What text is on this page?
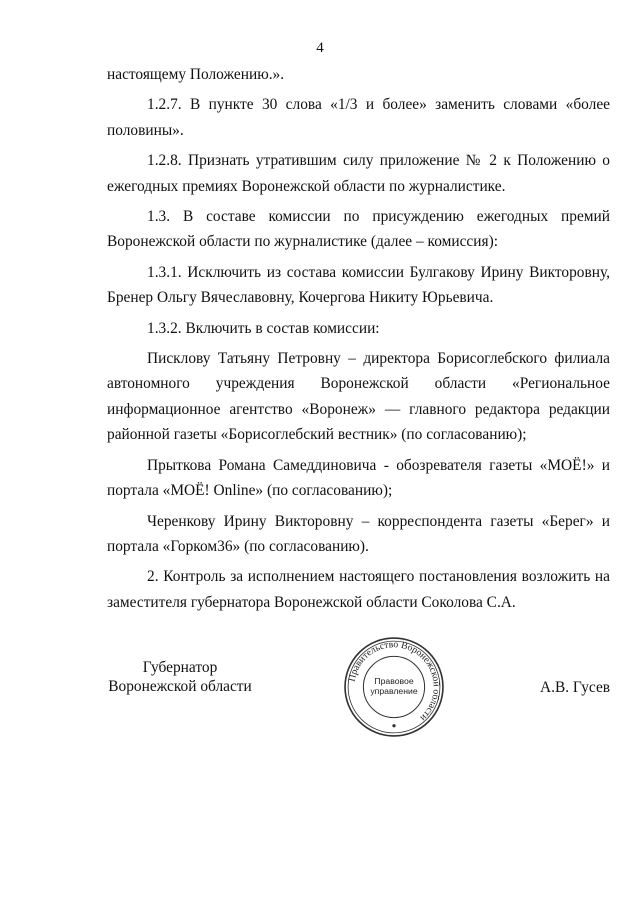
4

настоящему Положению.».

1.2.7. В пункте 30 слова «1/3 и более» заменить словами «более половины».

1.2.8. Признать утратившим силу приложение № 2 к Положению о ежегодных премиях Воронежской области по журналистике.

1.3. В составе комиссии по присуждению ежегодных премий Воронежской области по журналистике (далее – комиссия):

1.3.1. Исключить из состава комиссии Булгакову Ирину Викторовну, Бренер Ольгу Вячеславовну, Кочергова Никиту Юрьевича.

1.3.2. Включить в состав комиссии:

Писклову Татьяну Петровну – директора Борисоглебского филиала автономного учреждения Воронежской области «Региональное информационное агентство «Воронеж» — главного редактора редакции районной газеты «Борисоглебский вестник» (по согласованию);

Прыткова Романа Самеддиновича - обозревателя газеты «МОЁ!» и портала «МОЁ! Online» (по согласованию);

Черенкову Ирину Викторовну – корреспондента газеты «Берег» и портала «Горком36» (по согласованию).

2. Контроль за исполнением настоящего постановления возложить на заместителя губернатора Воронежской области Соколова С.А.

Губернатор
Воронежской области	Правительство Воронежской области
Правовое
управление	А.В. Гусев
